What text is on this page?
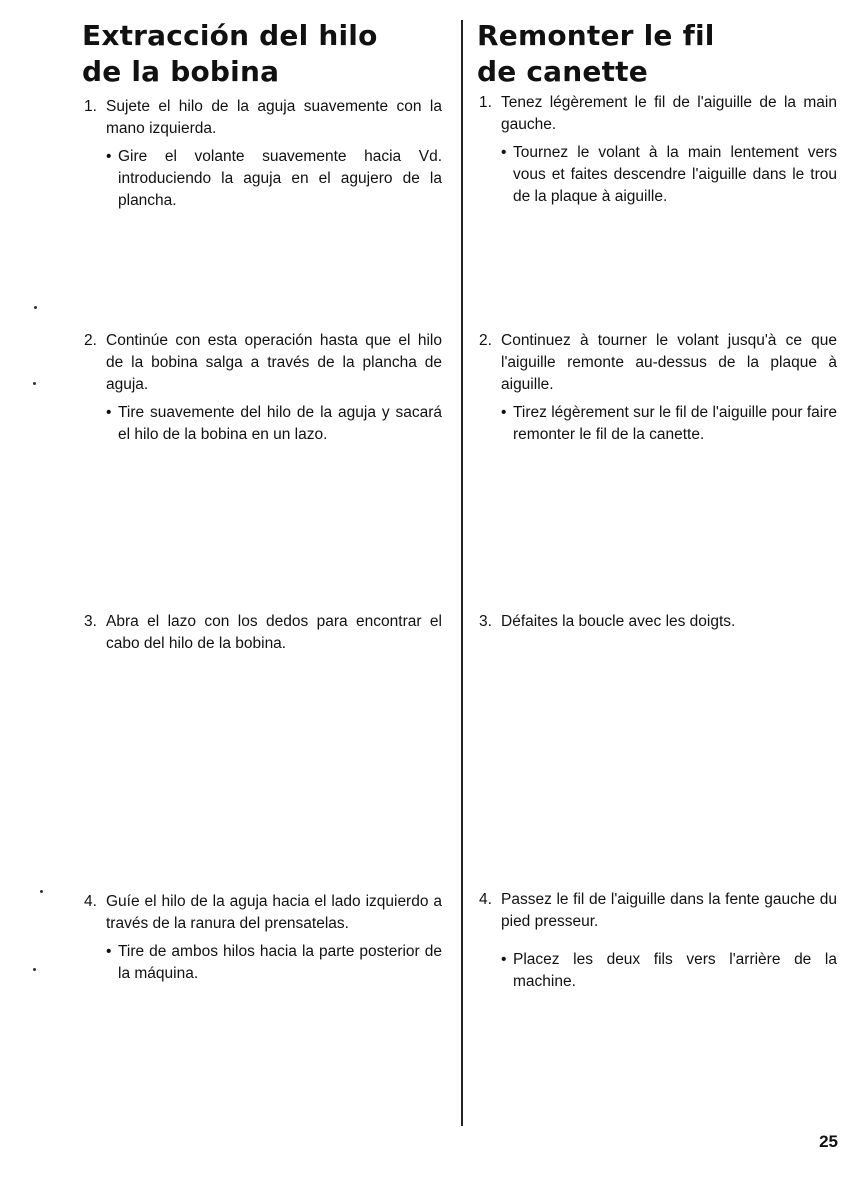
Extracción del hilo
de la bobina
1. Sujete el hilo de la aguja suavemente con la mano izquierda.
• Gire el volante suavemente hacia Vd. introduciendo la aguja en el agujero de la plancha.
2. Continúe con esta operación hasta que el hilo de la bobina salga a través de la plancha de aguja.
• Tire suavemente del hilo de la aguja y sacará el hilo de la bobina en un lazo.
3. Abra el lazo con los dedos para encontrar el cabo del hilo de la bobina.
4. Guíe el hilo de la aguja hacia el lado izquierdo a través de la ranura del prensatelas.
• Tire de ambos hilos hacia la parte posterior de la máquina.
Remonter le fil
de canette
1. Tenez légèrement le fil de l'aiguille de la main gauche.
• Tournez le volant à la main lentement vers vous et faites descendre l'aiguille dans le trou de la plaque à aiguille.
2. Continuez à tourner le volant jusqu'à ce que l'aiguille remonte au-dessus de la plaque à aiguille.
• Tirez légèrement sur le fil de l'aiguille pour faire remonter le fil de la canette.
3. Défaites la boucle avec les doigts.
4. Passez le fil de l'aiguille dans la fente gauche du pied presseur.
• Placez les deux fils vers l'arrière de la machine.
25
